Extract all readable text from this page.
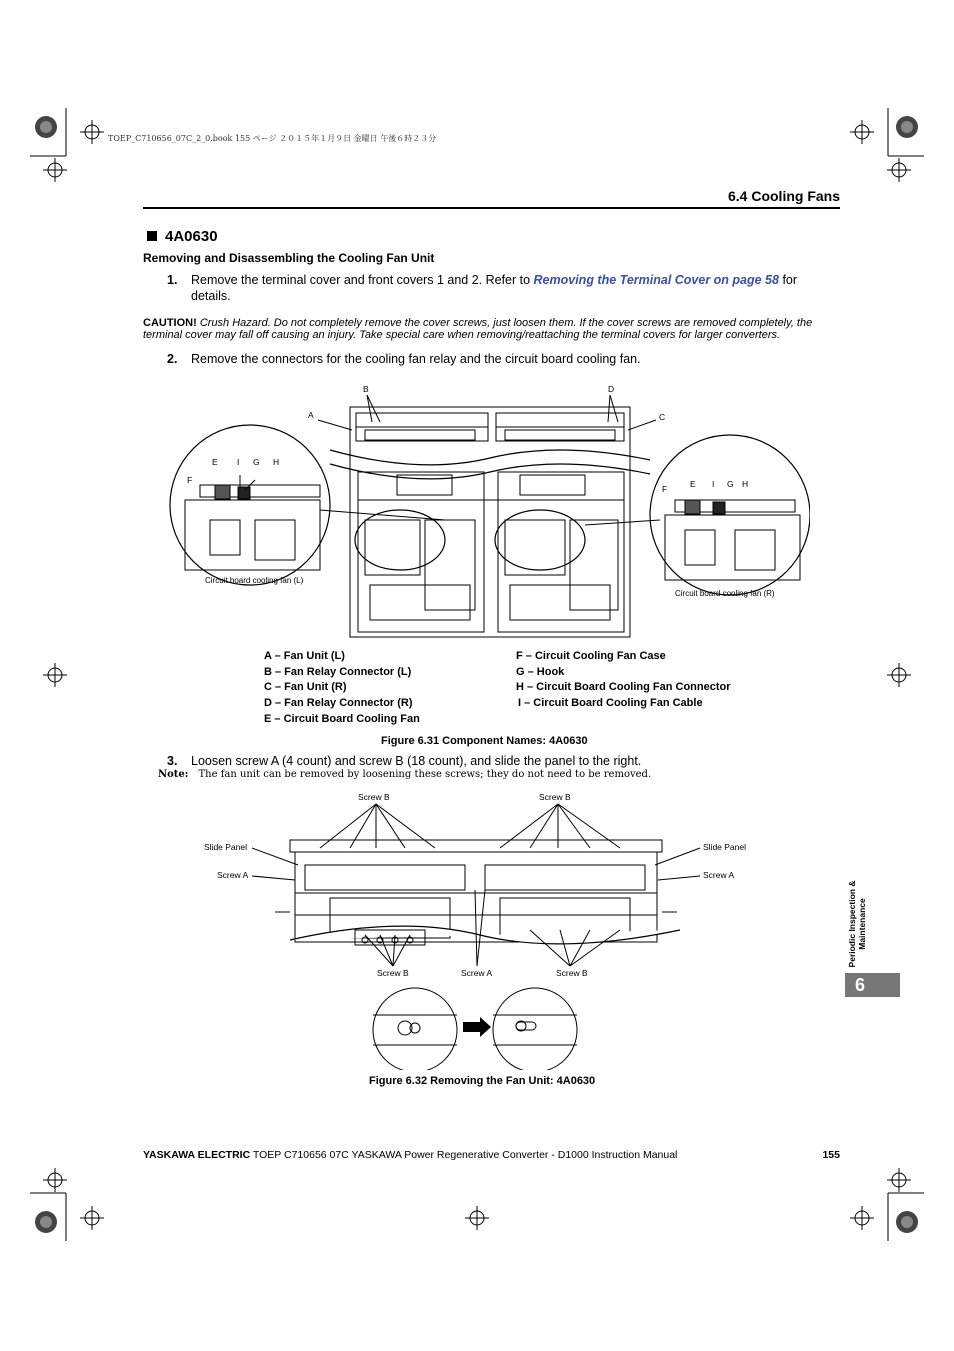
TOEP_C710656_07C_2_0.book 155 ページ ２０１５年１月９日 金曜日 午後６時２３分
6.4 Cooling Fans
4A0630
Removing and Disassembling the Cooling Fan Unit
1. Remove the terminal cover and front covers 1 and 2. Refer to Removing the Terminal Cover on page 58 for details.
CAUTION! Crush Hazard. Do not completely remove the cover screws, just loosen them. If the cover screws are removed completely, the terminal cover may fall off causing an injury. Take special care when removing/reattaching the terminal covers for larger converters.
2. Remove the connectors for the cooling fan relay and the circuit board cooling fan.
B	D
A	C
E I G H
F	E I G H
F
Circuit board cooling fan (L)
Circuit board cooling fan (R)
A – Fan Unit (L)
B – Fan Relay Connector (L)
C – Fan Unit (R)
D – Fan Relay Connector (R)
E – Circuit Board Cooling Fan
F – Circuit Cooling Fan Case
G – Hook
H – Circuit Board Cooling Fan Connector
I – Circuit Board Cooling Fan Cable
Figure 6.31 Component Names: 4A0630
3. Loosen screw A (4 count) and screw B (18 count), and slide the panel to the right.
Note: The fan unit can be removed by loosening these screws; they do not need to be removed.
Screw B	Screw B
Slide Panel	Slide Panel
Screw A	Screw A
Screw B	Screw A	Screw B
Figure 6.32 Removing the Fan Unit: 4A0630
Periodic Inspection & Maintenance
6
YASKAWA ELECTRIC TOEP C710656 07C YASKAWA Power Regenerative Converter - D1000 Instruction Manual	155
